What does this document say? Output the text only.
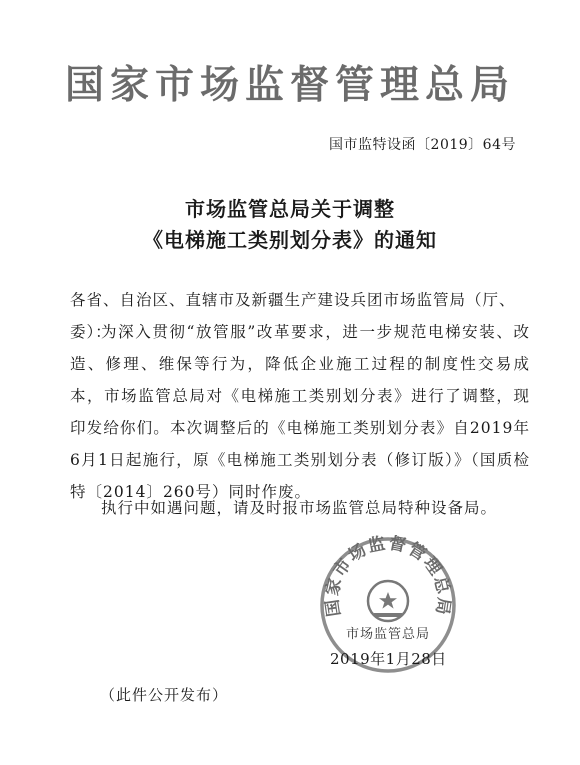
国家市场监督管理总局
国市监特设函〔2019〕64号
市场监管总局关于调整
《电梯施工类别划分表》的通知
各省、自治区、直辖市及新疆生产建设兵团市场监管局（厅、委）：
为深入贯彻“放管服”改革要求，进一步规范电梯安装、改造、修理、维保等行为，降低企业施工过程的制度性交易成本，市场监管总局对《电梯施工类别划分表》进行了调整，现印发给你们。本次调整后的《电梯施工类别划分表》自2019年6月1日起施行，原《电梯施工类别划分表（修订版）》（国质检特〔2014〕260号）同时作废。
执行中如遇问题，请及时报市场监管总局特种设备局。
国家市场监督管理总局
市场监管总局
2019年1月28日
（此件公开发布）
